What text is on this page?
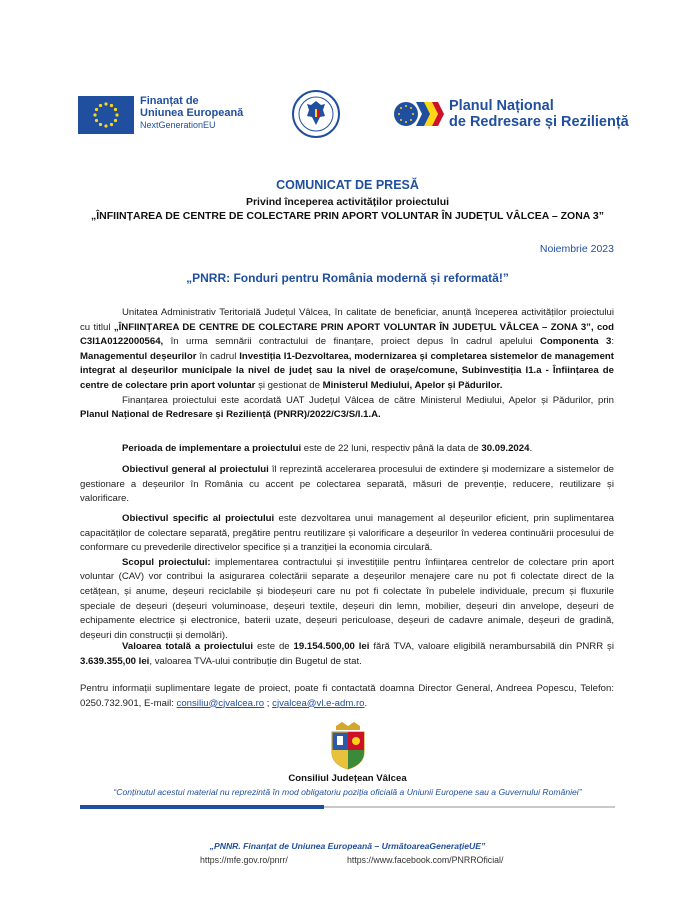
Finanțat de
Uniunea Europeană
NextGenerationEU
Planul Național
de Redresare și Reziliență
COMUNICAT DE PRESĂ
Privind începerea activităților proiectului
„ÎNFIINȚAREA DE CENTRE DE COLECTARE PRIN APORT VOLUNTAR ÎN JUDEȚUL VÂLCEA – ZONA 3”
Noiembrie 2023
„PNRR: Fonduri pentru România modernă și reformată!”
Unitatea Administrativ Teritorială Județul Vâlcea, în calitate de beneficiar, anunță începerea activităților proiectului cu titlul „ÎNFIINȚAREA DE CENTRE DE COLECTARE PRIN APORT VOLUNTAR ÎN JUDEȚUL VÂLCEA – ZONA 3”, cod C3I1A0122000564, în urma semnării contractului de finanțare, proiect depus în cadrul apelului Componenta 3: Managementul deșeurilor în cadrul Investiția I1-Dezvoltarea, modernizarea și completarea sistemelor de management integrat al deșeurilor municipale la nivel de județ sau la nivel de orașe/comune, Subinvestiția I1.a - Înființarea de centre de colectare prin aport voluntar și gestionat de Ministerul Mediului, Apelor și Pădurilor.
Finanțarea proiectului este acordată UAT Județul Vâlcea de către Ministerul Mediului, Apelor și Pădurilor, prin Planul Național de Redresare și Reziliență (PNRR)/2022/C3/S/I.1.A.
Perioada de implementare a proiectului este de 22 luni, respectiv până la data de 30.09.2024.
Obiectivul general al proiectului îl reprezintă accelerarea procesului de extindere și modernizare a sistemelor de gestionare a deșeurilor în România cu accent pe colectarea separată, măsuri de prevenție, reducere, reutilizare și valorificare.
Obiectivul specific al proiectului este dezvoltarea unui management al deșeurilor eficient, prin suplimentarea capacităților de colectare separată, pregătire pentru reutilizare și valorificare a deșeurilor în vederea continuării procesului de conformare cu prevederile directivelor specifice și a tranziției la economia circulară.
Scopul proiectului: implementarea contractului și investițiile pentru înființarea centrelor de colectare prin aport voluntar (CAV) vor contribui la asigurarea colectării separate a deșeurilor menajere care nu pot fi colectate direct de la cetățean, și anume, deșeuri reciclabile și biodeșeuri care nu pot fi colectate în pubelele individuale, precum și fluxurile speciale de deșeuri (deșeuri voluminoase, deșeuri textile, deșeuri din lemn, mobilier, deșeuri din anvelope, deșeuri de echipamente electrice și electronice, baterii uzate, deșeuri periculoase, deșeuri de cadavre animale, deșeuri de gradină, deșeuri din construcții și demolări).
Valoarea totală a proiectului este de 19.154.500,00 lei fără TVA, valoare eligibilă nerambursabilă din PNRR și 3.639.355,00 lei, valoarea TVA-ului contribuție din Bugetul de stat.
Pentru informații suplimentare legate de proiect, poate fi contactată doamna Director General, Andreea Popescu, Telefon: 0250.732.901, E-mail: consiliu@cjvalcea.ro ; cjvalcea@vl.e-adm.ro.
Consiliul Județean Vâlcea
“Conținutul acestui material nu reprezintă în mod obligatoriu poziția oficială a Uniunii Europene sau a Guvernului României”
„PNNR. Finanțat de Uniunea Europeană – UrmătoareaGenerațieUE”
https://mfe.gov.ro/pnrr/	https://www.facebook.com/PNRROficial/
